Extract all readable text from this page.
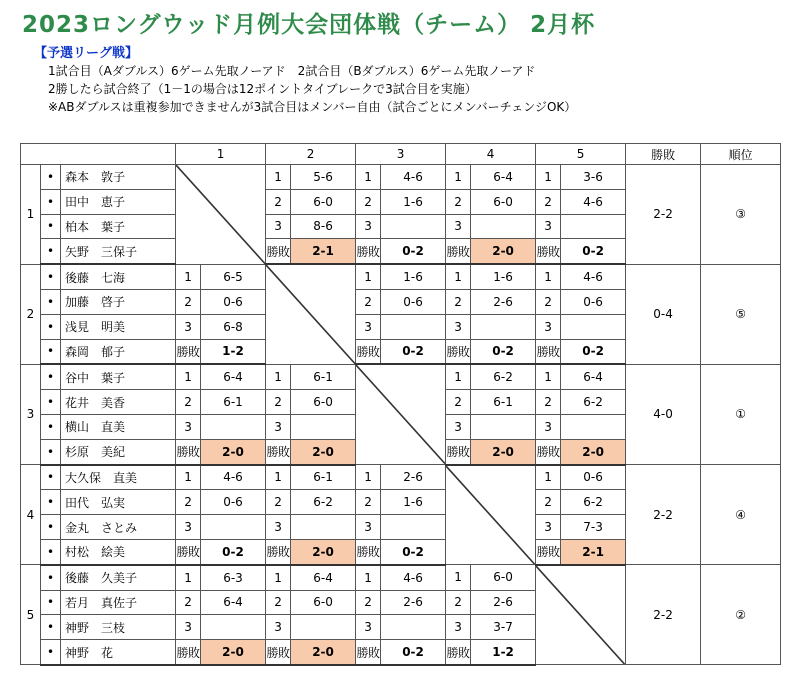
2023ロングウッド月例大会団体戦（チーム） 2月杯
【予選リーグ戦】
1試合目（Aダブルス）6ゲーム先取ノーアド　2試合目（Bダブルス）6ゲーム先取ノーアド
2勝したら試合終了（1－1の場合は12ポイントタイブレークで3試合目を実施）
※ABダブルスは重複参加できませんが3試合目はメンバー自由（試合ごとにメンバーチェンジOK）
			1		2		3		4		5		勝敗	順位
1	•	森本　敦子			1	5-6	1	4-6	1	6-4	1	3-6	2-2	③
	•	田中　恵子			2	6-0	2	1-6	2	6-0	2	4-6		
	•	柏本　葉子			3	8-6	3		3		3			
	•	矢野　三保子			勝敗	2-1	勝敗	0-2	勝敗	2-0	勝敗	0-2		
2	•	後藤　七海	1	6-5			1	1-6	1	1-6	1	4-6	0-4	⑤
	•	加藤　啓子	2	0-6			2	0-6	2	2-6	2	0-6		
	•	浅見　明美	3	6-8			3		3		3			
	•	森岡　郁子	勝敗	1-2			勝敗	0-2	勝敗	0-2	勝敗	0-2		
3	•	谷中　葉子	1	6-4	1	6-1			1	6-2	1	6-4	4-0	①
	•	花井　美香	2	6-1	2	6-0			2	6-1	2	6-2		
	•	横山　直美	3		3				3		3			
	•	杉原　美紀	勝敗	2-0	勝敗	2-0			勝敗	2-0	勝敗	2-0		
4	•	大久保　直美	1	4-6	1	6-1	1	2-6			1	0-6	2-2	④
	•	田代　弘実	2	0-6	2	6-2	2	1-6			2	6-2		
	•	金丸　さとみ	3		3		3				3	7-3		
	•	村松　絵美	勝敗	0-2	勝敗	2-0	勝敗	0-2			勝敗	2-1		
5	•	後藤　久美子	1	6-3	1	6-4	1	4-6	1	6-0			2-2	②
	•	若月　真佐子	2	6-4	2	6-0	2	2-6	2	2-6				
	•	神野　三枝	3		3		3		3	3-7				
	•	神野　花	勝敗	2-0	勝敗	2-0	勝敗	0-2	勝敗	1-2				
